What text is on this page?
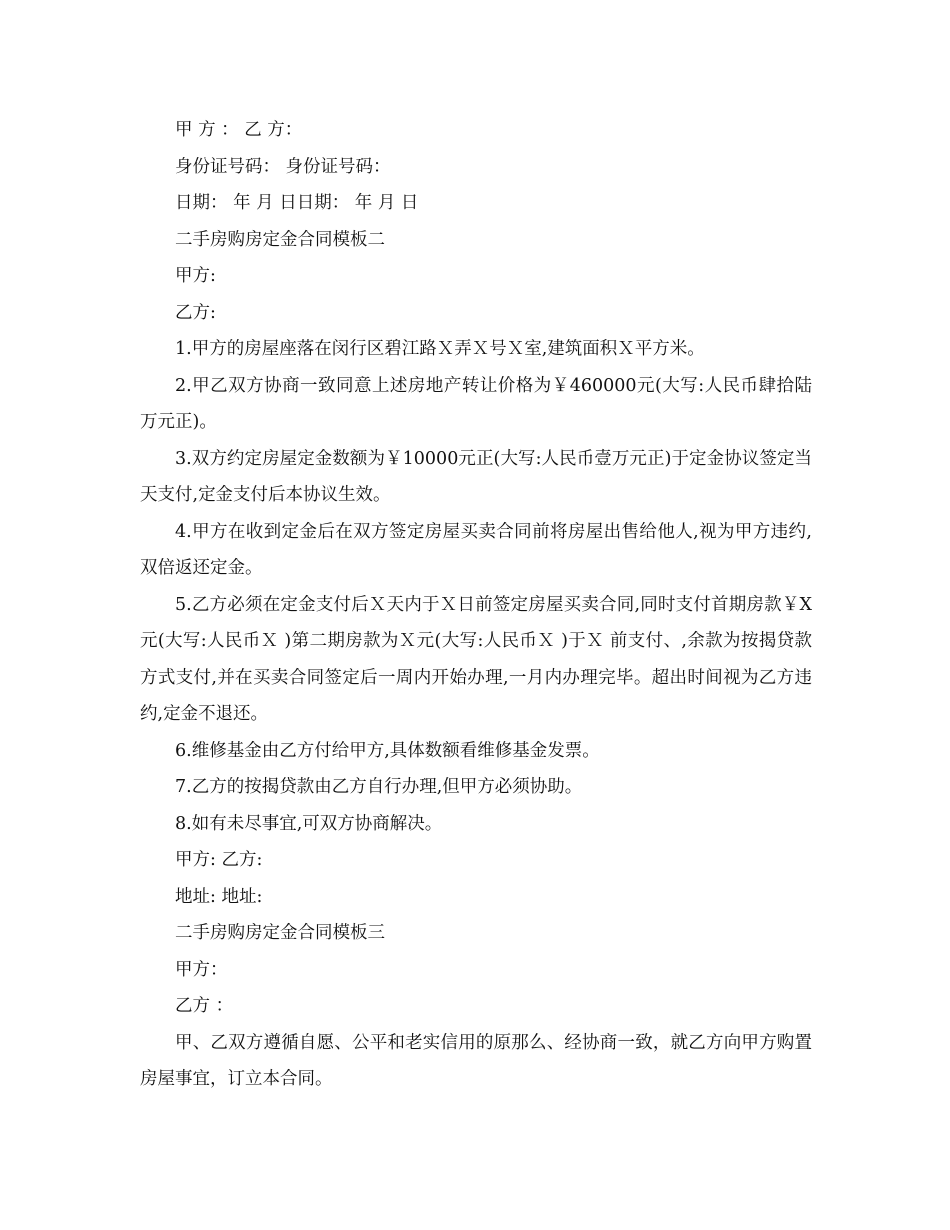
甲 方 ： 乙 方：

身份证号码： 身份证号码：

日期： 年 月 日日期： 年 月 日

二手房购房定金合同模板二

甲方:

乙方:

1.甲方的房屋座落在闵行区碧江路Ｘ弄Ｘ号Ｘ室,建筑面积Ｘ平方米。

2.甲乙双方协商一致同意上述房地产转让价格为￥460000元(大写:人民币肆拾陆万元正)。

3.双方约定房屋定金数额为￥10000元正(大写:人民币壹万元正)于定金协议签定当天支付,定金支付后本协议生效。

4.甲方在收到定金后在双方签定房屋买卖合同前将房屋出售给他人,视为甲方违约,双倍返还定金。

5.乙方必须在定金支付后Ｘ天内于Ｘ日前签定房屋买卖合同,同时支付首期房款￥X 元(大写:人民币Ｘ )第二期房款为Ｘ元(大写:人民币Ｘ )于Ｘ 前支付、,余款为按揭贷款方式支付,并在买卖合同签定后一周内开始办理,一月内办理完毕。超出时间视为乙方违约,定金不退还。

6.维修基金由乙方付给甲方,具体数额看维修基金发票。

7.乙方的按揭贷款由乙方自行办理,但甲方必须协助。

8.如有未尽事宜,可双方协商解决。

甲方: 乙方:

地址: 地址:

二手房购房定金合同模板三

甲方：

乙方 ：

甲、乙双方遵循自愿、公平和老实信用的原那么、经协商一致，就乙方向甲方购置房屋事宜，订立本合同。
